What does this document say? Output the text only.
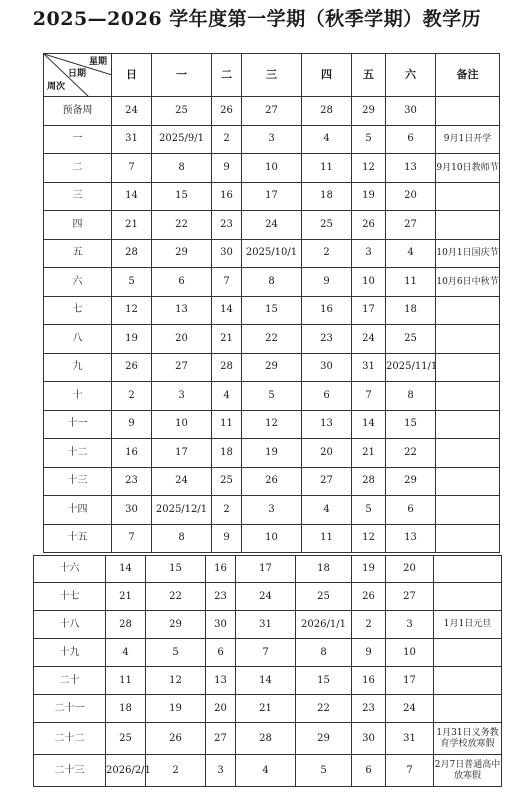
2025—2026 学年度第一学期（秋季学期）教学历
星期
日期
周次	日	一	二	三	四	五	六	备注
预备周	24	25	26	27	28	29	30	
一	31	2025/9/1	2	3	4	5	6	9月1日开学
二	7	8	9	10	11	12	13	9月10日教师节
三	14	15	16	17	18	19	20	
四	21	22	23	24	25	26	27	
五	28	29	30	2025/10/1	2	3	4	10月1日国庆节
六	5	6	7	8	9	10	11	10月6日中秋节
七	12	13	14	15	16	17	18	
八	19	20	21	22	23	24	25	
九	26	27	28	29	30	31	2025/11/1	
十	2	3	4	5	6	7	8	
十一	9	10	11	12	13	14	15	
十二	16	17	18	19	20	21	22	
十三	23	24	25	26	27	28	29	
十四	30	2025/12/1	2	3	4	5	6	
十五	7	8	9	10	11	12	13	
十六	14	15	16	17	18	19	20	
十七	21	22	23	24	25	26	27	
十八	28	29	30	31	2026/1/1	2	3	1月1日元旦
十九	4	5	6	7	8	9	10	
二十	11	12	13	14	15	16	17	
二十一	18	19	20	21	22	23	24	
二十二	25	26	27	28	29	30	31	1月31日义务教育学校放寒假
二十三	2026/2/1	2	3	4	5	6	7	2月7日普通高中放寒假
